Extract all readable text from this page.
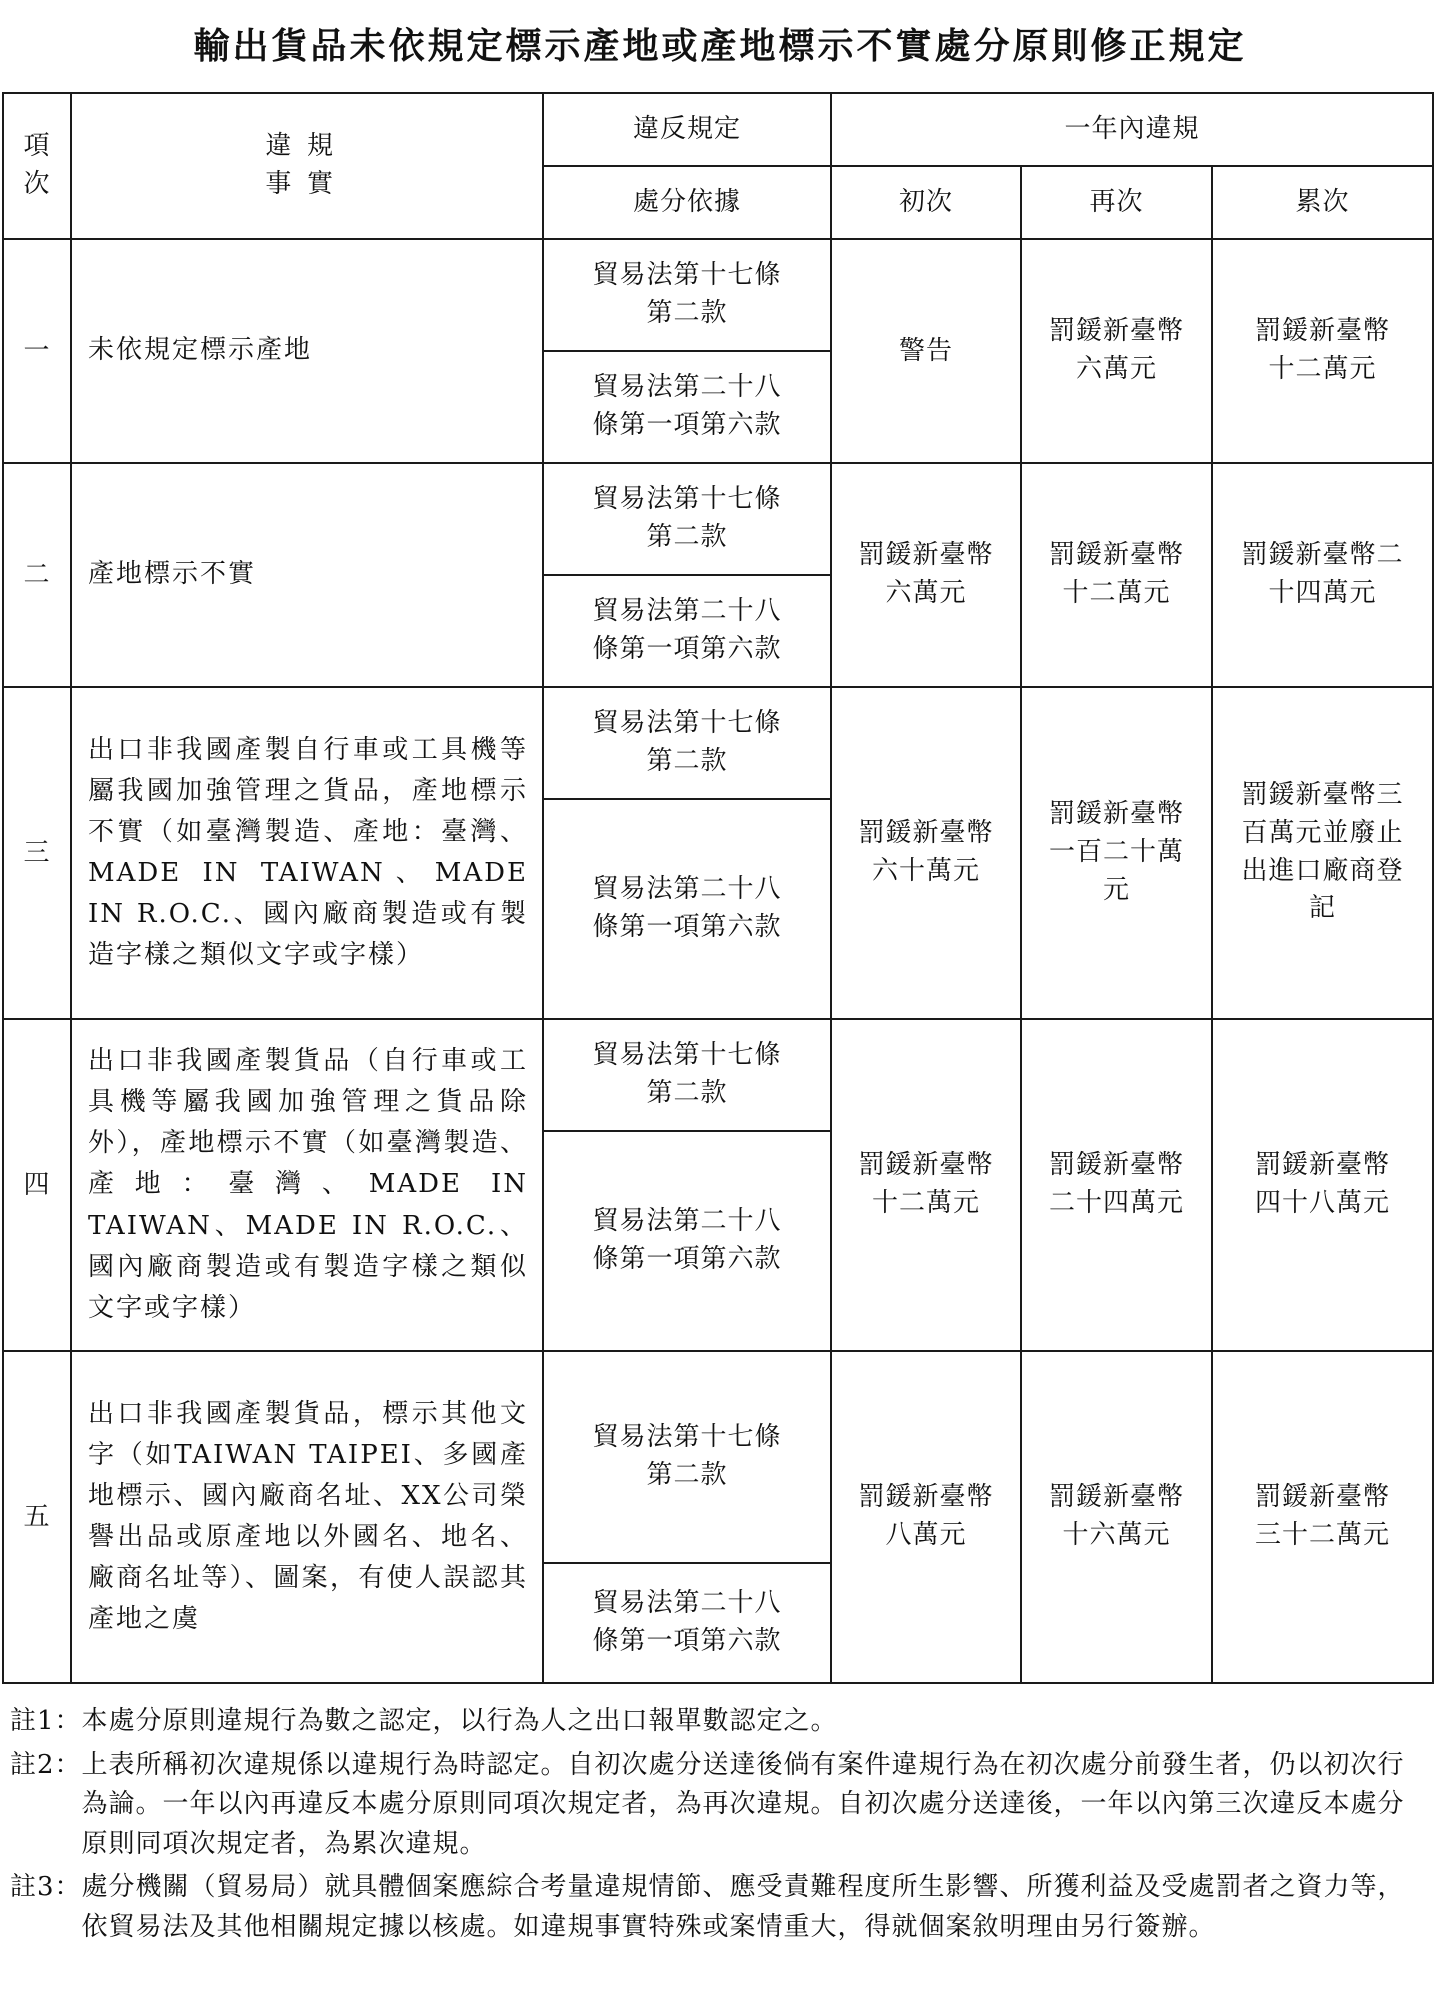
輸出貨品未依規定標示產地或產地標示不實處分原則修正規定
項次	違規事實	違反規定	一年內違規		
		處分依據	初次	再次	累次
一	未依規定標示產地	貿易法第十七條第二款	警告	罰鍰新臺幣六萬元	罰鍰新臺幣十二萬元
		貿易法第二十八條第一項第六款			
二	產地標示不實	貿易法第十七條第二款	罰鍰新臺幣六萬元	罰鍰新臺幣十二萬元	罰鍰新臺幣二十四萬元
		貿易法第二十八條第一項第六款			
三	出口非我國產製自行車或工具機等屬我國加強管理之貨品，產地標示不實（如臺灣製造、產地：臺灣、MADE IN TAIWAN、MADE IN R.O.C.、國內廠商製造或有製造字樣之類似文字或字樣）	貿易法第十七條第二款	罰鍰新臺幣六十萬元	罰鍰新臺幣一百二十萬元	罰鍰新臺幣三百萬元並廢止出進口廠商登記
		貿易法第二十八條第一項第六款			
四	出口非我國產製貨品（自行車或工具機等屬我國加強管理之貨品除外），產地標示不實（如臺灣製造、產地：臺灣、MADE IN TAIWAN、MADE IN R.O.C.、國內廠商製造或有製造字樣之類似文字或字樣）	貿易法第十七條第二款	罰鍰新臺幣十二萬元	罰鍰新臺幣二十四萬元	罰鍰新臺幣四十八萬元
		貿易法第二十八條第一項第六款			
五	出口非我國產製貨品，標示其他文字（如TAIWAN TAIPEI、多國產地標示、國內廠商名址、XX公司榮譽出品或原產地以外國名、地名、廠商名址等）、圖案，有使人誤認其產地之虞	貿易法第十七條第二款	罰鍰新臺幣八萬元	罰鍰新臺幣十六萬元	罰鍰新臺幣三十二萬元
		貿易法第二十八條第一項第六款			
註1： 本處分原則違規行為數之認定，以行為人之出口報單數認定之。
註2： 上表所稱初次違規係以違規行為時認定。自初次處分送達後倘有案件違規行為在初次處分前發生者，仍以初次行為論。一年以內再違反本處分原則同項次規定者，為再次違規。自初次處分送達後，一年以內第三次違反本處分原則同項次規定者，為累次違規。
註3： 處分機關（貿易局）就具體個案應綜合考量違規情節、應受責難程度所生影響、所獲利益及受處罰者之資力等，依貿易法及其他相關規定據以核處。如違規事實特殊或案情重大，得就個案敘明理由另行簽辦。
